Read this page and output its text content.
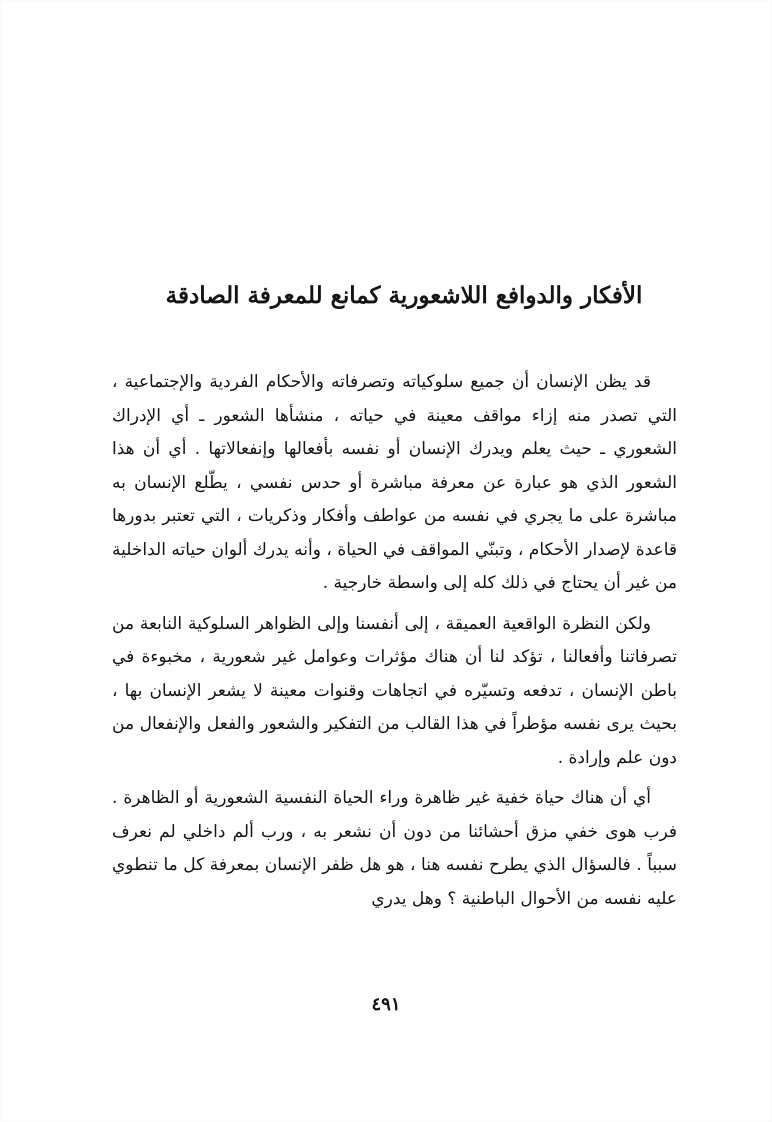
الأفكار والدوافع اللاشعورية كمانع للمعرفة الصادقة

قد يظن الإنسان أن جميع سلوكياته وتصرفاته والأحكام الفردية والإجتماعية ، التي تصدر منه إزاء مواقف معينة في حياته ، منشأها الشعور ـ أي الإدراك الشعوري ـ حيث يعلم ويدرك الإنسان أو نفسه بأفعالها وإنفعالاتها . أي أن هذا الشعور الذي هو عبارة عن معرفة مباشرة أو حدس نفسي ، يطّلع الإنسان به مباشرة على ما يجري في نفسه من عواطف وأفكار وذكريات ، التي تعتبر بدورها قاعدة لإصدار الأحكام ، وتبنّي المواقف في الحياة ، وأنه يدرك ألوان حياته الداخلية من غير أن يحتاج في ذلك كله إلى واسطة خارجية .

ولكن النظرة الواقعية العميقة ، إلى أنفسنا وإلى الظواهر السلوكية النابعة من تصرفاتنا وأفعالنا ، تؤكد لنا أن هناك مؤثرات وعوامل غير شعورية ، مخبوءة في باطن الإنسان ، تدفعه وتسيّره في اتجاهات وقنوات معينة لا يشعر الإنسان بها ، بحيث يرى نفسه مؤطراً في هذا القالب من التفكير والشعور والفعل والإنفعال من دون علم وإرادة .

أي أن هناك حياة خفية غير ظاهرة وراء الحياة النفسية الشعورية أو الظاهرة . فرب هوى خفي مزق أحشائنا من دون أن نشعر به ، ورب ألم داخلي لم نعرف سبباً . فالسؤال الذي يطرح نفسه هنا ، هو هل ظفر الإنسان بمعرفة كل ما تنطوي عليه نفسه من الأحوال الباطنية ؟ وهل يدري

٤٩١
